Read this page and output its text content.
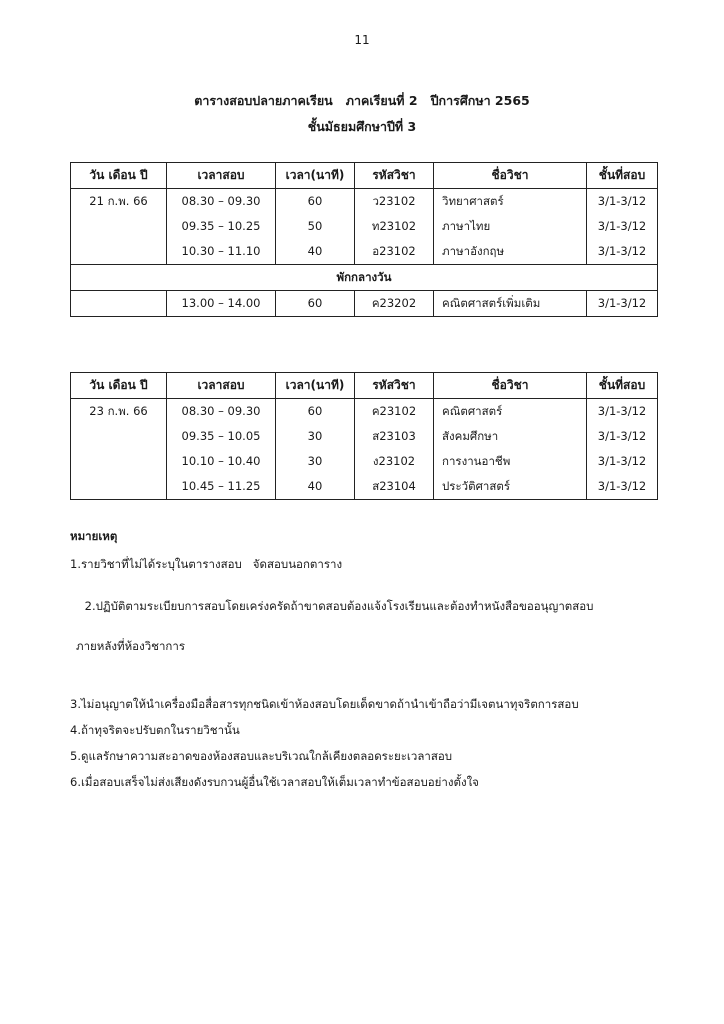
11
ตารางสอบปลายภาคเรียน   ภาคเรียนที่ 2   ปีการศึกษา 2565
ชั้นมัธยมศึกษาปีที่ 3
วัน เดือน ปี	เวลาสอบ	เวลา(นาที)	รหัสวิชา	ชื่อวิชา	ชั้นที่สอบ
21 ก.พ. 66	08.30 – 09.30	60	ว23102	วิทยาศาสตร์	3/1-3/12
	09.35 – 10.25	50	ท23102	ภาษาไทย	3/1-3/12
	10.30 – 11.10	40	อ23102	ภาษาอังกฤษ	3/1-3/12
พักกลางวัน					
	13.00 – 14.00	60	ค23202	คณิตศาสตร์เพิ่มเติม	3/1-3/12
วัน เดือน ปี	เวลาสอบ	เวลา(นาที)	รหัสวิชา	ชื่อวิชา	ชั้นที่สอบ
23 ก.พ. 66	08.30 – 09.30	60	ค23102	คณิตศาสตร์	3/1-3/12
	09.35 – 10.05	30	ส23103	สังคมศึกษา	3/1-3/12
	10.10 – 10.40	30	ง23102	การงานอาชีพ	3/1-3/12
	10.45 – 11.25	40	ส23104	ประวัติศาสตร์	3/1-3/12
หมายเหตุ
1.รายวิชาที่ไม่ได้ระบุในตารางสอบ   จัดสอบนอกตาราง

2.ปฏิบัติตามระเบียบการสอบโดยเคร่งครัดถ้าขาดสอบต้องแจ้งโรงเรียนและต้องทำหนังสือขออนุญาตสอบ

ภายหลังที่ห้องวิชาการ

3.ไม่อนุญาตให้นำเครื่องมือสื่อสารทุกชนิดเข้าห้องสอบโดยเด็ดขาดถ้านำเข้าถือว่ามีเจตนาทุจริตการสอบ
4.ถ้าทุจริตจะปรับตกในรายวิชานั้น
5.ดูแลรักษาความสะอาดของห้องสอบและบริเวณใกล้เคียงตลอดระยะเวลาสอบ
6.เมื่อสอบเสร็จไม่ส่งเสียงดังรบกวนผู้อื่นใช้เวลาสอบให้เต็มเวลาทำข้อสอบอย่างตั้งใจ
